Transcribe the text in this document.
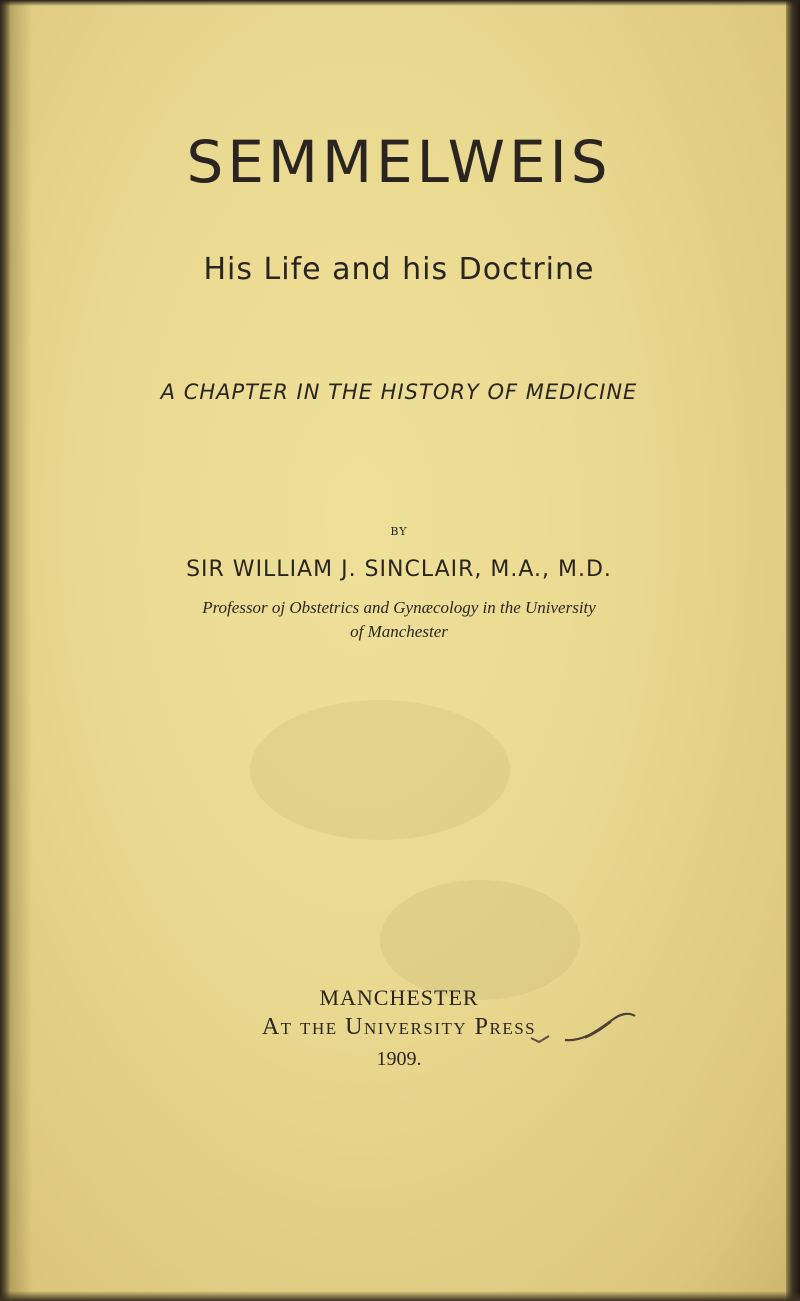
SEMMELWEIS
His Life and his Doctrine
A CHAPTER IN THE HISTORY OF MEDICINE
BY
SIR WILLIAM J. SINCLAIR, M.A., M.D.
Professor oj Obstetrics and Gynæcology in the University
of Manchester
MANCHESTER
At the University Press
1909.
